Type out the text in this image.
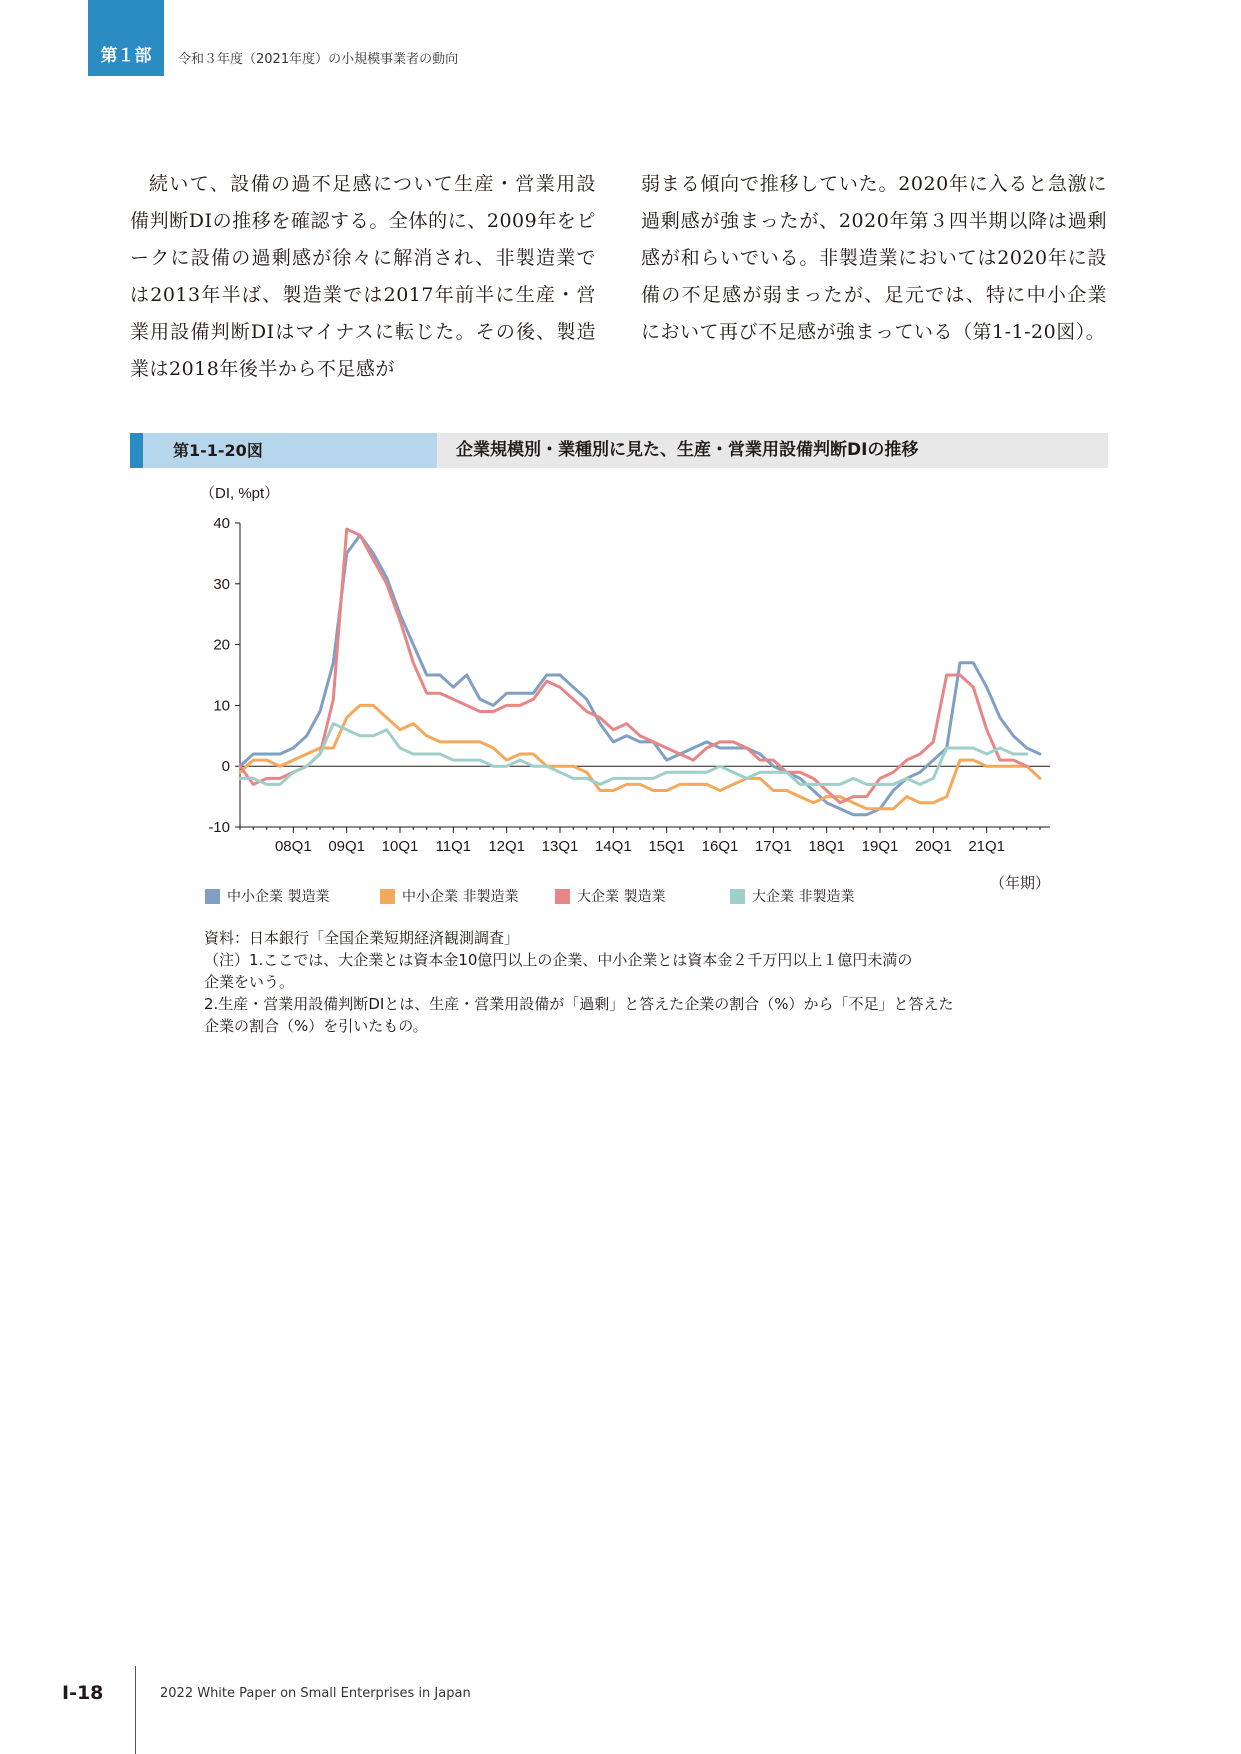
第１部 令和３年度（2021年度）の小規模事業者の動向
続いて、設備の過不足感について生産・営業用設備判断DIの推移を確認する。全体的に、2009年をピークに設備の過剰感が徐々に解消され、非製造業では2013年半ば、製造業では2017年前半に生産・営業用設備判断DIはマイナスに転じた。その後、製造業は2018年後半から不足感が
弱まる傾向で推移していた。2020年に入ると急激に過剰感が強まったが、2020年第３四半期以降は過剰感が和らいでいる。非製造業においては2020年に設備の不足感が弱まったが、足元では、特に中小企業において再び不足感が強まっている（第1-1-20図）。
第1-1-20図	企業規模別・業種別に見た、生産・営業用設備判断DIの推移
40
30
20
10
0
-10
08Q1 09Q1 10Q1 11Q1 12Q1 13Q1 14Q1 15Q1 16Q1 17Q1 18Q1 19Q1 20Q1 21Q1
（DI, %pt）
（年期）
中小企業 製造業	中小企業 非製造業	大企業 製造業	大企業 非製造業
資料：日本銀行「全国企業短期経済観測調査」
（注）1.ここでは、大企業とは資本金10億円以上の企業、中小企業とは資本金２千万円以上１億円未満の
企業をいう。
2.生産・営業用設備判断DIとは、生産・営業用設備が「過剰」と答えた企業の割合（%）から「不足」と答えた
企業の割合（%）を引いたもの。
I-18	2022 White Paper on Small Enterprises in Japan
